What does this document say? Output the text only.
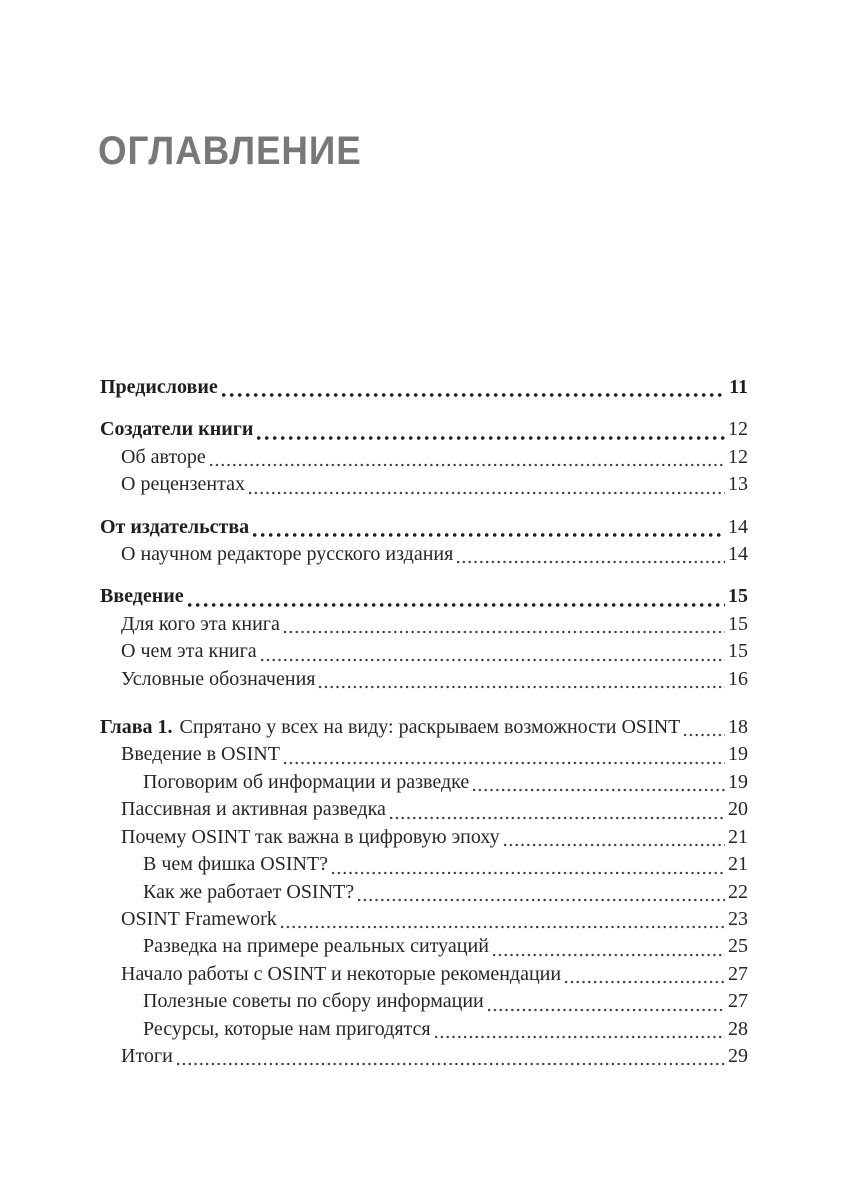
ОГЛАВЛЕНИЕ
Предисловие	11
Создатели книги	12
Об авторе	12
О рецензентах	13
От издательства	14
О научном редакторе русского издания	14
Введение	15
Для кого эта книга	15
О чем эта книга	15
Условные обозначения	16
Глава 1. Спрятано у всех на виду: раскрываем возможности OSINT 18
Введение в OSINT	19
Поговорим об информации и разведке	19
Пассивная и активная разведка	20
Почему OSINT так важна в цифровую эпоху	21
В чем фишка OSINT?	21
Как же работает OSINT?	22
OSINT Framework	23
Разведка на примере реальных ситуаций	25
Начало работы с OSINT и некоторые рекомендации	27
Полезные советы по сбору информации	27
Ресурсы, которые нам пригодятся	28
Итоги	29
